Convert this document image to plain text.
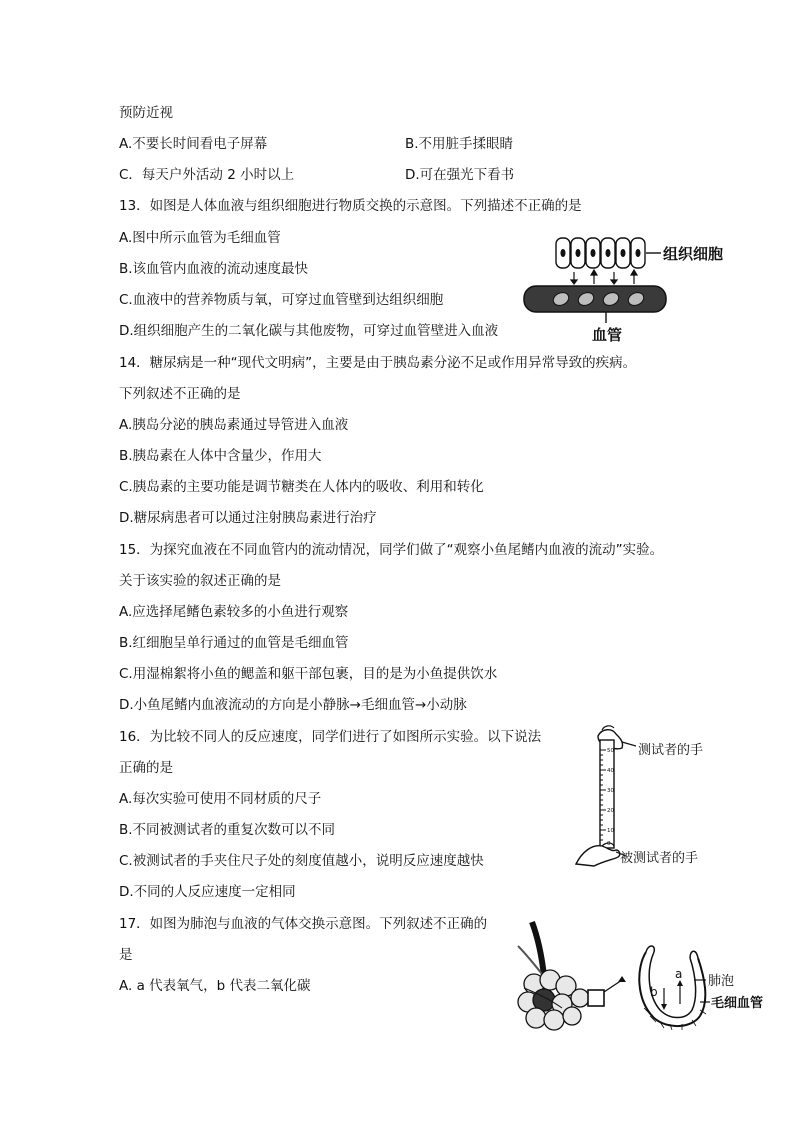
预防近视
A.不要长时间看电子屏幕	B.不用脏手揉眼睛
C．每天户外活动 2 小时以上	D.可在强光下看书
13．如图是人体血液与组织细胞进行物质交换的示意图。下列描述不正确的是
A.图中所示血管为毛细血管
B.该血管内血液的流动速度最快
C.血液中的营养物质与氧，可穿过血管壁到达组织细胞
D.组织细胞产生的二氧化碳与其他废物，可穿过血管壁进入血液
组织细胞
血管
14．糖尿病是一种“现代文明病”，主要是由于胰岛素分泌不足或作用异常导致的疾病。
下列叙述不正确的是
A.胰岛分泌的胰岛素通过导管进入血液
B.胰岛素在人体中含量少，作用大
C.胰岛素的主要功能是调节糖类在人体内的吸收、利用和转化
D.糖尿病患者可以通过注射胰岛素进行治疗
15．为探究血液在不同血管内的流动情况，同学们做了“观察小鱼尾鳍内血液的流动”实验。
关于该实验的叙述正确的是
A.应选择尾鳍色素较多的小鱼进行观察
B.红细胞呈单行通过的血管是毛细血管
C.用湿棉絮将小鱼的鳃盖和躯干部包裹，目的是为小鱼提供饮水
D.小鱼尾鳍内血液流动的方向是小静脉→毛细血管→小动脉
16．为比较不同人的反应速度，同学们进行了如图所示实验。以下说法
正确的是
A.每次实验可使用不同材质的尺子
B.不同被测试者的重复次数可以不同
C.被测试者的手夹住尺子处的刻度值越小，说明反应速度越快
D.不同的人反应速度一定相同
50
40
30
20
10
0
测试者的手
被测试者的手
17．如图为肺泡与血液的气体交换示意图。下列叙述不正确的
是
A. a 代表氧气，b 代表二氧化碳
a
b
肺泡
毛细血管
